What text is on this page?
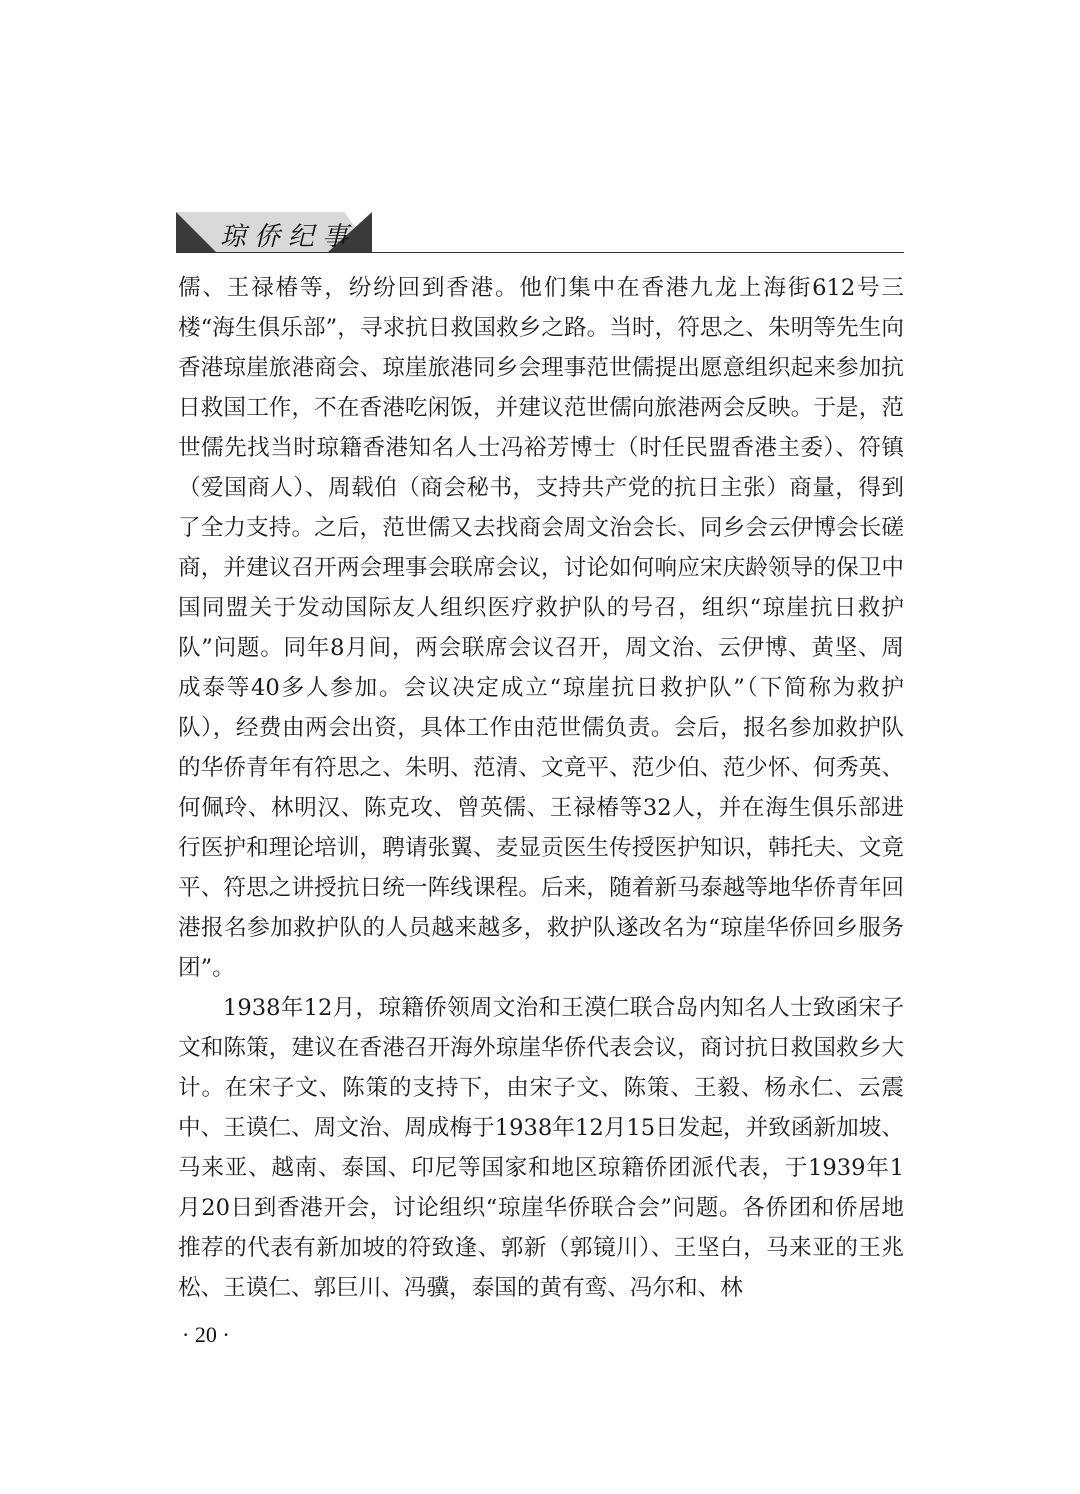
琼侨纪事

儒、王禄椿等，纷纷回到香港。他们集中在香港九龙上海街612号三楼“海生俱乐部”，寻求抗日救国救乡之路。当时，符思之、朱明等先生向香港琼崖旅港商会、琼崖旅港同乡会理事范世儒提出愿意组织起来参加抗日救国工作，不在香港吃闲饭，并建议范世儒向旅港两会反映。于是，范世儒先找当时琼籍香港知名人士冯裕芳博士（时任民盟香港主委）、符镇（爱国商人）、周载伯（商会秘书，支持共产党的抗日主张）商量，得到了全力支持。之后，范世儒又去找商会周文治会长、同乡会云伊博会长磋商，并建议召开两会理事会联席会议，讨论如何响应宋庆龄领导的保卫中国同盟关于发动国际友人组织医疗救护队的号召，组织“琼崖抗日救护队”问题。同年8月间，两会联席会议召开，周文治、云伊博、黄坚、周成泰等40多人参加。会议决定成立“琼崖抗日救护队”（下简称为救护队），经费由两会出资，具体工作由范世儒负责。会后，报名参加救护队的华侨青年有符思之、朱明、范清、文竟平、范少伯、范少怀、何秀英、何佩玲、林明汉、陈克攻、曾英儒、王禄椿等32人，并在海生俱乐部进行医护和理论培训，聘请张翼、麦显贡医生传授医护知识，韩托夫、文竟平、符思之讲授抗日统一阵线课程。后来，随着新马泰越等地华侨青年回港报名参加救护队的人员越来越多，救护队遂改名为“琼崖华侨回乡服务团”。

1938年12月，琼籍侨领周文治和王漠仁联合岛内知名人士致函宋子文和陈策，建议在香港召开海外琼崖华侨代表会议，商讨抗日救国救乡大计。在宋子文、陈策的支持下，由宋子文、陈策、王毅、杨永仁、云震中、王谟仁、周文治、周成梅于1938年12月15日发起，并致函新加坡、马来亚、越南、泰国、印尼等国家和地区琼籍侨团派代表，于1939年1月20日到香港开会，讨论组织“琼崖华侨联合会”问题。各侨团和侨居地推荐的代表有新加坡的符致逢、郭新（郭镜川）、王坚白，马来亚的王兆松、王谟仁、郭巨川、冯骥，泰国的黄有鸾、冯尔和、林

· 20 ·
